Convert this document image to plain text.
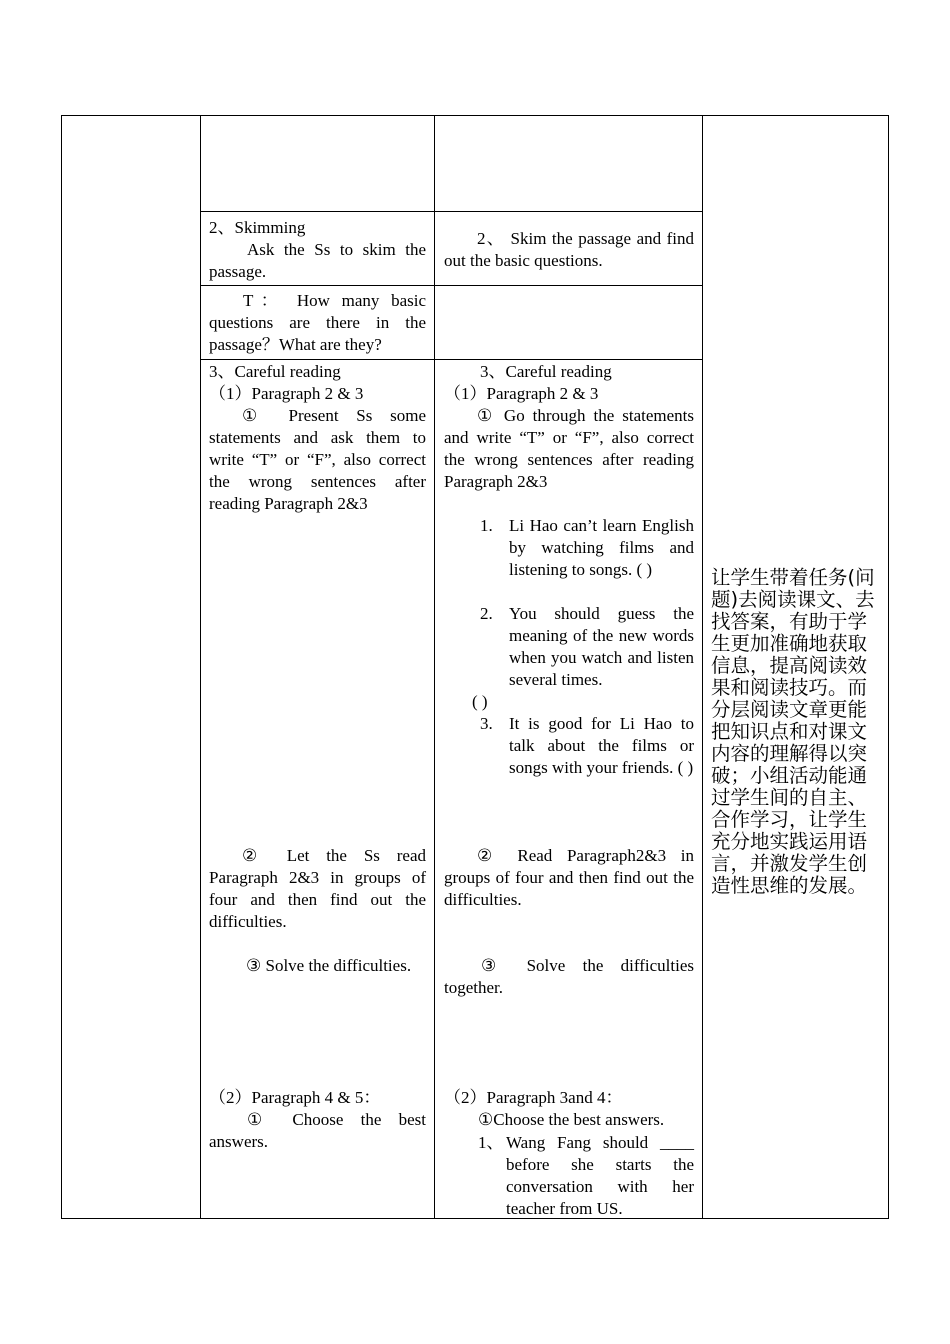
2、Skimming
Ask the Ss to skim the passage.
T： How many basic questions are there in the passage？What are they?
3、Careful reading
（1）Paragraph 2 & 3
① Present Ss some statements and ask them to write “T” or “F”, also correct the wrong sentences after reading Paragraph 2&3
② Let the Ss read Paragraph 2&3 in groups of four and then find out the difficulties.
③ Solve the difficulties.
（2）Paragraph 4 & 5：
① Choose the best answers.
2、 Skim the passage and find out the basic questions.
3、Careful reading
（1）Paragraph 2 & 3
① Go through the statements and write “T” or “F”, also correct the wrong sentences after reading Paragraph 2&3
1. Li Hao can’t learn English by watching films and listening to songs. ( )
2. You should guess the meaning of the new words when you watch and listen several times.
( )
3. It is good for Li Hao to talk about the films or songs with your friends. ( )
② Read Paragraph2&3 in groups of four and then find out the difficulties.
③ Solve the difficulties together.
（2）Paragraph 3and 4：
①Choose the best answers.
1、 Wang Fang should ____ before she starts the conversation with her teacher from US.
让学生带着任务(问题)去阅读课文、去找答案，有助于学生更加准确地获取信息，提高阅读效果和阅读技巧。而分层阅读文章更能把知识点和对课文内容的理解得以突破；小组活动能通过学生间的自主、合作学习，让学生充分地实践运用语言，并激发学生创造性思维的发展。
